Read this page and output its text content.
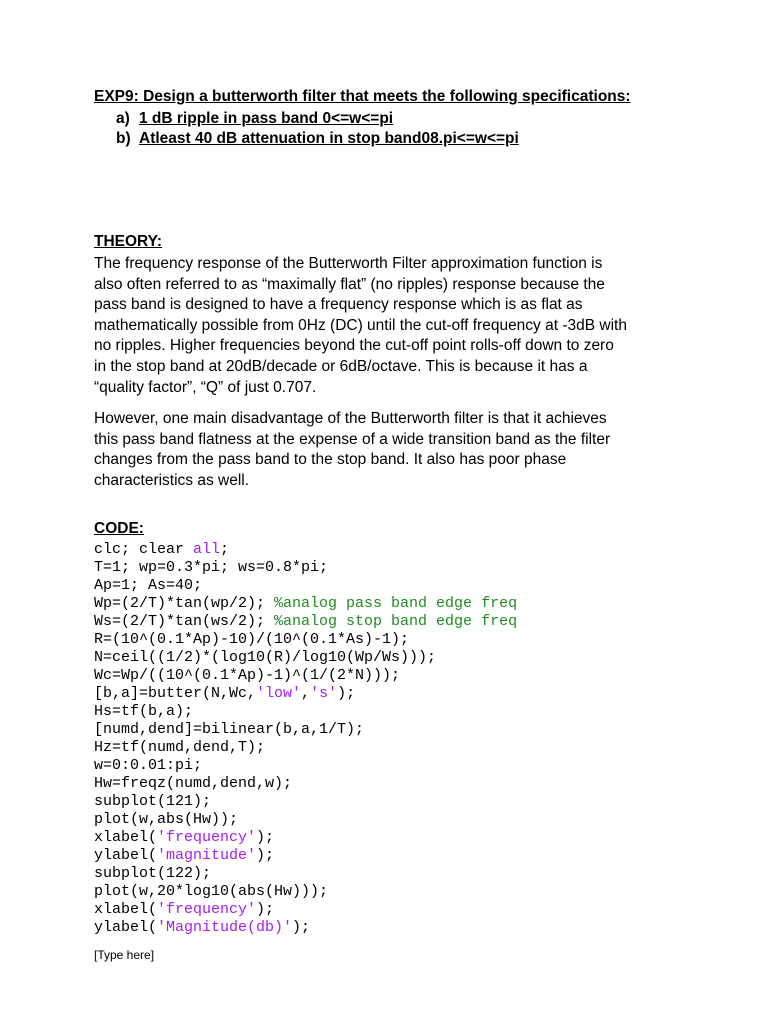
EXP9: Design a butterworth filter that meets the following specifications:
a) 1 dB ripple in pass band 0<=w<=pi
b) Atleast 40 dB attenuation in stop band08.pi<=w<=pi
THEORY:

The frequency response of the Butterworth Filter approximation function is
also often referred to as “maximally flat” (no ripples) response because the
pass band is designed to have a frequency response which is as flat as
mathematically possible from 0Hz (DC) until the cut-off frequency at -3dB with
no ripples. Higher frequencies beyond the cut-off point rolls-off down to zero
in the stop band at 20dB/decade or 6dB/octave. This is because it has a
“quality factor”, “Q” of just 0.707.

However, one main disadvantage of the Butterworth filter is that it achieves
this pass band flatness at the expense of a wide transition band as the filter
changes from the pass band to the stop band. It also has poor phase
characteristics as well.

CODE:
clc; clear all;
T=1; wp=0.3*pi; ws=0.8*pi;
Ap=1; As=40;
Wp=(2/T)*tan(wp/2); %analog pass band edge freq
Ws=(2/T)*tan(ws/2); %analog stop band edge freq
R=(10^(0.1*Ap)-10)/(10^(0.1*As)-1);
N=ceil((1/2)*(log10(R)/log10(Wp/Ws)));
Wc=Wp/((10^(0.1*Ap)-1)^(1/(2*N)));
[b,a]=butter(N,Wc,'low','s');
Hs=tf(b,a);
[numd,dend]=bilinear(b,a,1/T);
Hz=tf(numd,dend,T);
w=0:0.01:pi;
Hw=freqz(numd,dend,w);
subplot(121);
plot(w,abs(Hw));
xlabel('frequency');
ylabel('magnitude');
subplot(122);
plot(w,20*log10(abs(Hw)));
xlabel('frequency');
ylabel('Magnitude(db)');
[Type here]
